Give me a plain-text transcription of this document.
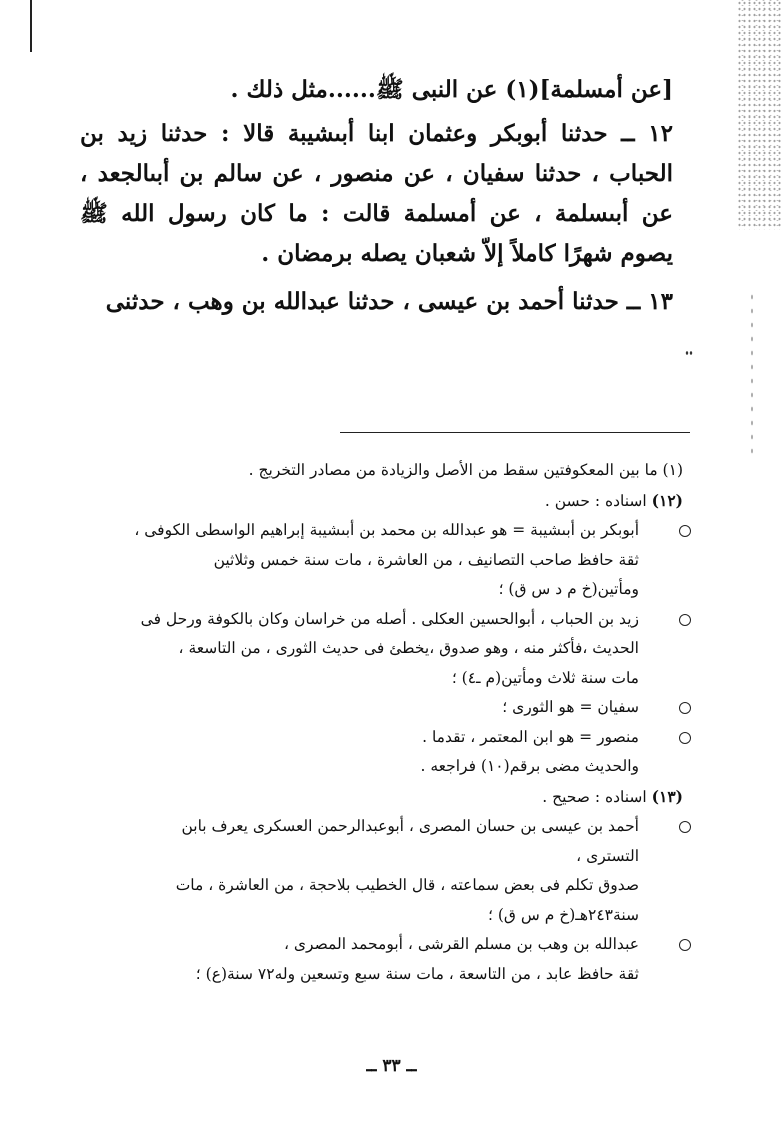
[عن أمسلمة](١) عن النبى ﷺ......مثل ذلك .

١٢ ــ حدثنا أبوبكر وعثمان ابنا أبىشيبة قالا : حدثنا زيد بن الحباب ، حدثنا سفيان ، عن منصور ، عن سالم بن أبىالجعد ، عن أبىسلمة ، عن أمسلمة قالت : ما كان رسول الله ﷺ يصوم شهرًا كاملاً إلاّ شعبان يصله برمضان .

١٣ ــ حدثنا أحمد بن عيسى ، حدثنا عبدالله بن وهب ، حدثنى

(١) ما بين المعكوفتين سقط من الأصل والزيادة من مصادر التخريج .
(١٢) اسناده : حسن .
أبوبكر بن أبىشيبة = هو عبدالله بن محمد بن أبىشيبة إبراهيم الواسطى الكوفى ،
ثقة حافظ صاحب التصانيف ، من العاشرة ، مات سنة خمس وثلاثين
ومأتين(خ م د س ق) ؛
زيد بن الحباب ، أبوالحسين العكلى . أصله من خراسان وكان بالكوفة ورحل فى
الحديث ،فأكثر منه ، وهو صدوق ،يخطئ فى حديث الثورى ، من التاسعة ،
مات سنة ثلاث ومأتين(م ـ٤) ؛
سفيان = هو الثورى ؛
منصور = هو ابن المعتمر ، تقدما .
والحديث مضى برقم(١٠) فراجعه .
(١٣) اسناده : صحيح .
أحمد بن عيسى بن حسان المصرى ، أبوعبدالرحمن العسكرى يعرف بابن
التسترى ،
صدوق تكلم فى بعض سماعته ، قال الخطيب بلاحجة ، من العاشرة ، مات
سنة٢٤٣هـ(خ م س ق) ؛
عبدالله بن وهب بن مسلم القرشى ، أبومحمد المصرى ،
ثقة حافظ عابد ، من التاسعة ، مات سنة سبع وتسعين وله٧٢ سنة(ع) ؛
ــ ٣٣ ــ
